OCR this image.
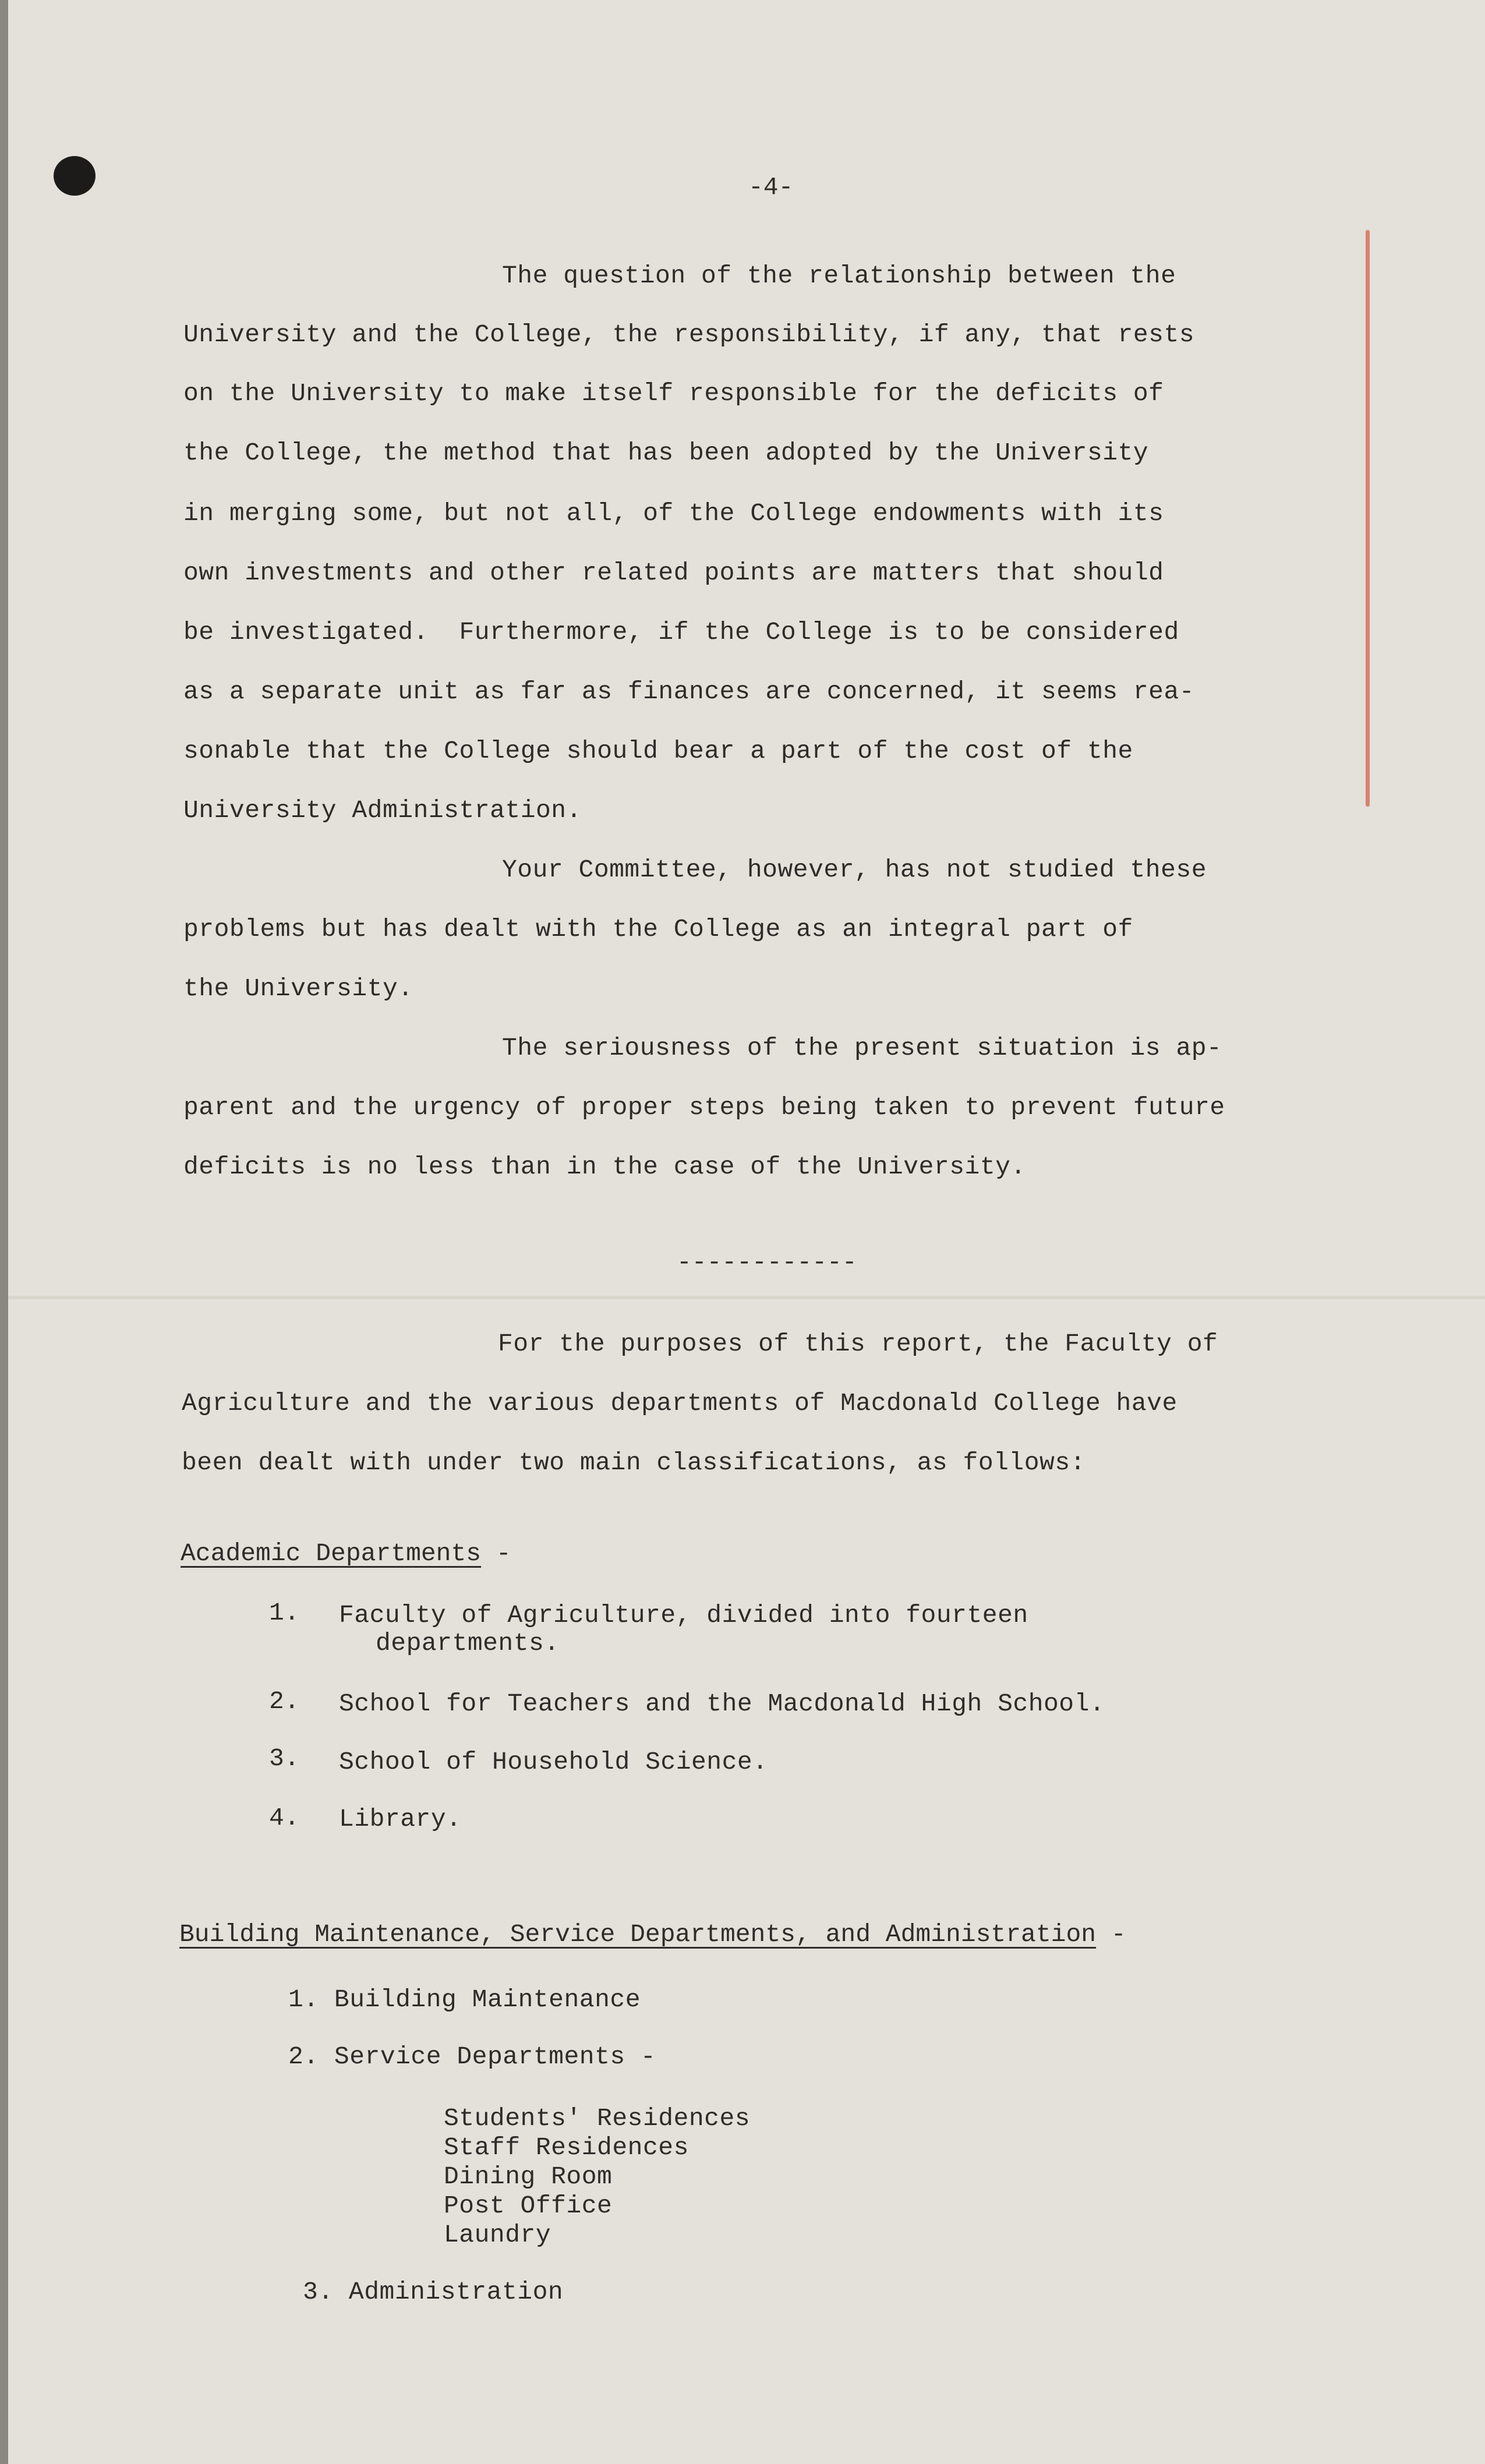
-4-
The question of the relationship between the
University and the College, the responsibility, if any, that rests
on the University to make itself responsible for the deficits of
the College, the method that has been adopted by the University
in merging some, but not all, of the College endowments with its
own investments and other related points are matters that should
be investigated.  Furthermore, if the College is to be considered
as a separate unit as far as finances are concerned, it seems rea-
sonable that the College should bear a part of the cost of the
University Administration.
Your Committee, however, has not studied these
problems but has dealt with the College as an integral part of
the University.
The seriousness of the present situation is ap-
parent and the urgency of proper steps being taken to prevent future
deficits is no less than in the case of the University.
------------
For the purposes of this report, the Faculty of
Agriculture and the various departments of Macdonald College have
been dealt with under two main classifications, as follows:
Academic Departments -
1. Faculty of Agriculture, divided into fourteen
departments.
2. School for Teachers and the Macdonald High School.
3. School of Household Science.
4. Library.
Building Maintenance, Service Departments, and Administration -
1. Building Maintenance
2. Service Departments -
Students' Residences
Staff Residences
Dining Room
Post Office
Laundry
3. Administration
